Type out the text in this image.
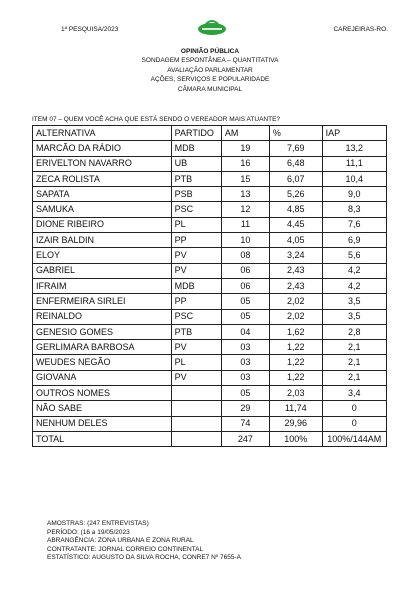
1ª PESQUISA/2023	CAREJEIRAS-RO.
OPINIÃO PÚBLICA
SONDAGEM ESPONTÂNEA – QUANTITATIVA
AVALIAÇÃO PARLAMENTAR
AÇÕES, SERVIÇOS E POPULARIDADE
CÂMARA MUNICIPAL
ITEM 07 – QUEM VOCÊ ACHA QUE ESTÁ SENDO O VEREADOR MAIS ATUANTE?
ALTERNATIVA	PARTIDO	AM	%	IAP
MARCÃO DA RÁDIO	MDB	19	7,69	13,2
ERIVELTON NAVARRO	UB	16	6,48	11,1
ZECA ROLISTA	PTB	15	6,07	10,4
SAPATA	PSB	13	5,26	9,0
SAMUKA	PSC	12	4,85	8,3
DIONE RIBEIRO	PL	11	4,45	7,6
IZAIR BALDIN	PP	10	4,05	6,9
ELOY	PV	08	3,24	5,6
GABRIEL	PV	06	2,43	4,2
IFRAIM	MDB	06	2,43	4,2
ENFERMEIRA SIRLEI	PP	05	2,02	3,5
REINALDO	PSC	05	2,02	3,5
GENESIO GOMES	PTB	04	1,62	2,8
GERLIMARA BARBOSA	PV	03	1,22	2,1
WEUDES NEGÃO	PL	03	1,22	2,1
GIOVANA	PV	03	1,22	2,1
OUTROS NOMES		05	2,03	3,4
NÃO SABE		29	11,74	0
NENHUM DELES		74	29,96	0
TOTAL		247	100%	100%/144AM
AMOSTRAS: (247 ENTREVISTAS)
PERÍODO: (16 a 19/05/2023
ABRANGÊNCIA: ZONA URBANA E ZONA RURAL
CONTRATANTE: JORNAL CORREIO CONTINENTAL
ESTATÍSTICO: AUGUSTO DA SILVA ROCHA, CONRE7 Nº 7655-A
